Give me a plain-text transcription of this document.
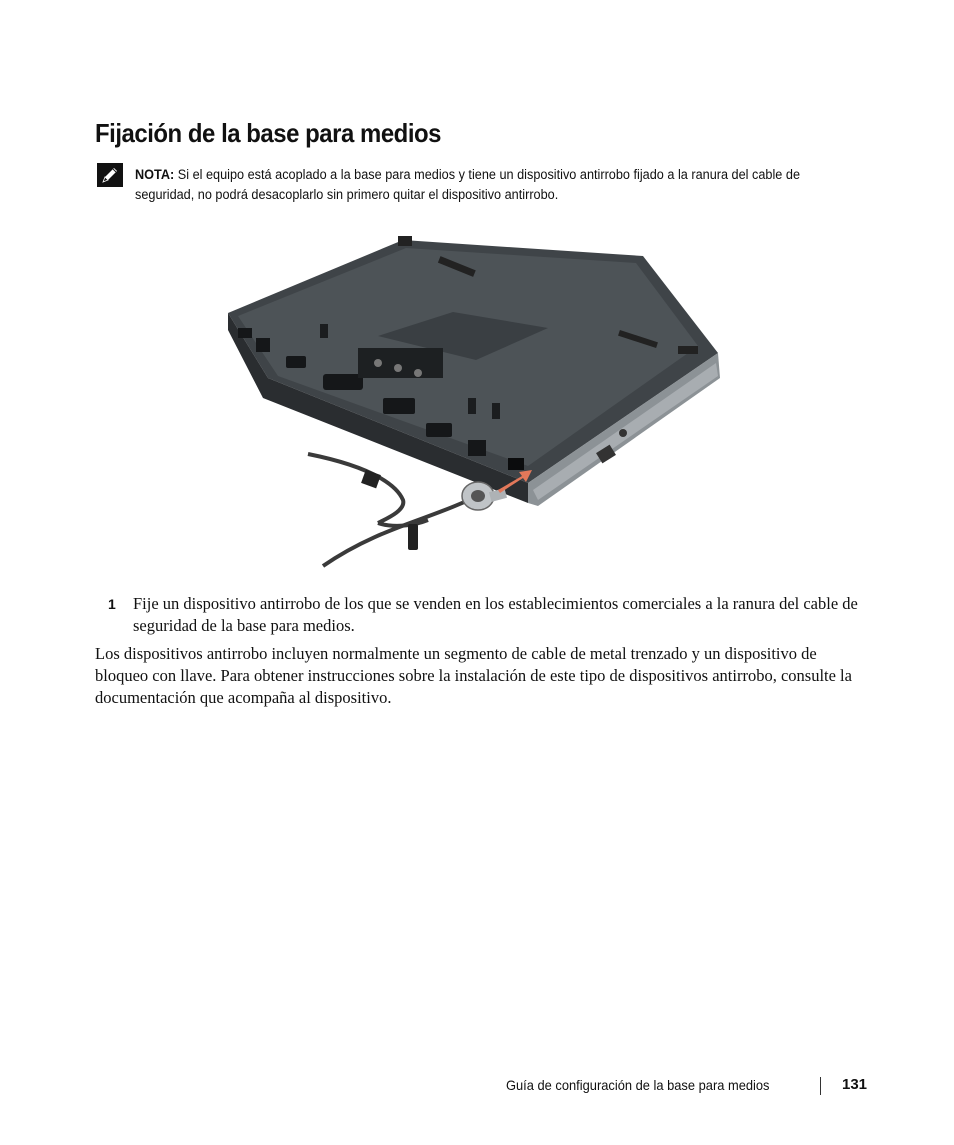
Fijación de la base para medios
NOTA: Si el equipo está acoplado a la base para medios y tiene un dispositivo antirrobo fijado a la ranura del cable de seguridad, no podrá desacoplarlo sin primero quitar el dispositivo antirrobo.
1 Fije un dispositivo antirrobo de los que se venden en los establecimientos comerciales a la ranura del cable de seguridad de la base para medios.

Los dispositivos antirrobo incluyen normalmente un segmento de cable de metal trenzado y un dispositivo de bloqueo con llave. Para obtener instrucciones sobre la instalación de este tipo de dispositivos antirrobo, consulte la documentación que acompaña al dispositivo.

Guía de configuración de la base para medios	131
